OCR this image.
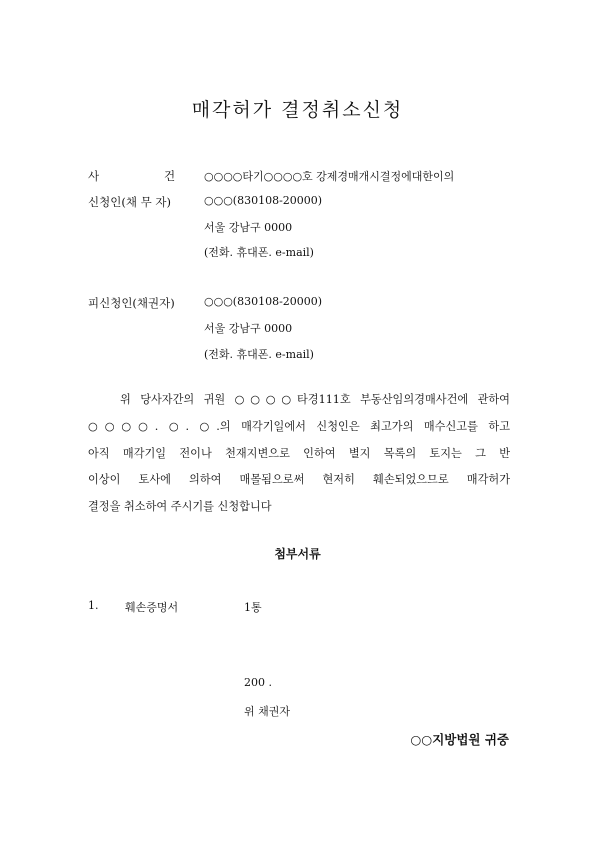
매각허가 결정취소신청
사	건	○○○○타기○○○○호 강제경매개시결정에대한이의
신청인(채 무 자)	○○○(830108-20000)
서울 강남구 0000
(전화. 휴대폰. e-mail)
피신청인(채권자)	○○○(830108-20000)
서울 강남구 0000
(전화. 휴대폰. e-mail)
위 당사자간의 귀원 ○○○○타경111호 부동산임의경매사건에 관하여
○○○○. ○. ○.의 매각기일에서 신청인은 최고가의 매수신고를 하고
아직 매각기일 전이나 천재지변으로 인하여 별지 목록의 토지는 그 반
이상이 토사에 의하여 매몰됨으로써 현저히 훼손되었으므로 매각허가
결정을 취소하여 주시기를 신청합니다
첨부서류
1. 훼손증명서	1통
200 .
위 채권자
○○지방법원 귀중
